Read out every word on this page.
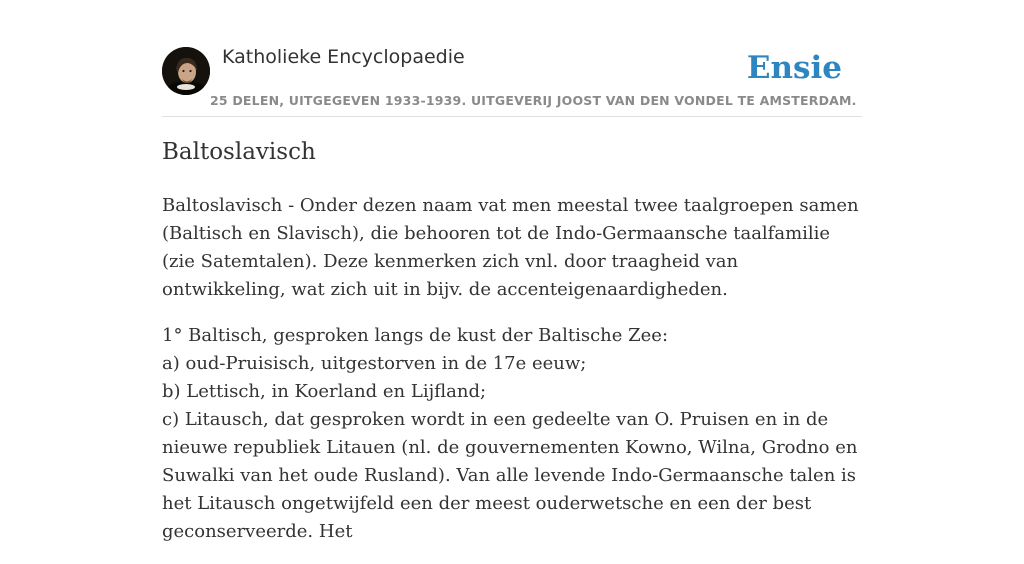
Katholieke Encyclopaedie
25 DELEN, UITGEGEVEN 1933-1939. UITGEVERIJ JOOST VAN DEN VONDEL TE AMSTERDAM.
Ensie
Baltoslavisch

Baltoslavisch - Onder dezen naam vat men meestal twee taalgroepen samen (Baltisch en Slavisch), die behooren tot de Indo-Germaansche taalfamilie (zie Satemtalen). Deze kenmerken zich vnl. door traagheid van ontwikkeling, wat zich uit in bijv. de accenteigenaardigheden.

1° Baltisch, gesproken langs de kust der Baltische Zee:
a) oud-Pruisisch, uitgestorven in de 17e eeuw;
b) Lettisch, in Koerland en Lijfland;
c) Litausch, dat gesproken wordt in een gedeelte van O. Pruisen en in de nieuwe republiek Litauen (nl. de gouvernementen Kowno, Wilna, Grodno en Suwalki van het oude Rusland). Van alle levende Indo-Germaansche talen is het Litausch ongetwijfeld een der meest ouderwetsche en een der best geconserveerde. Het
